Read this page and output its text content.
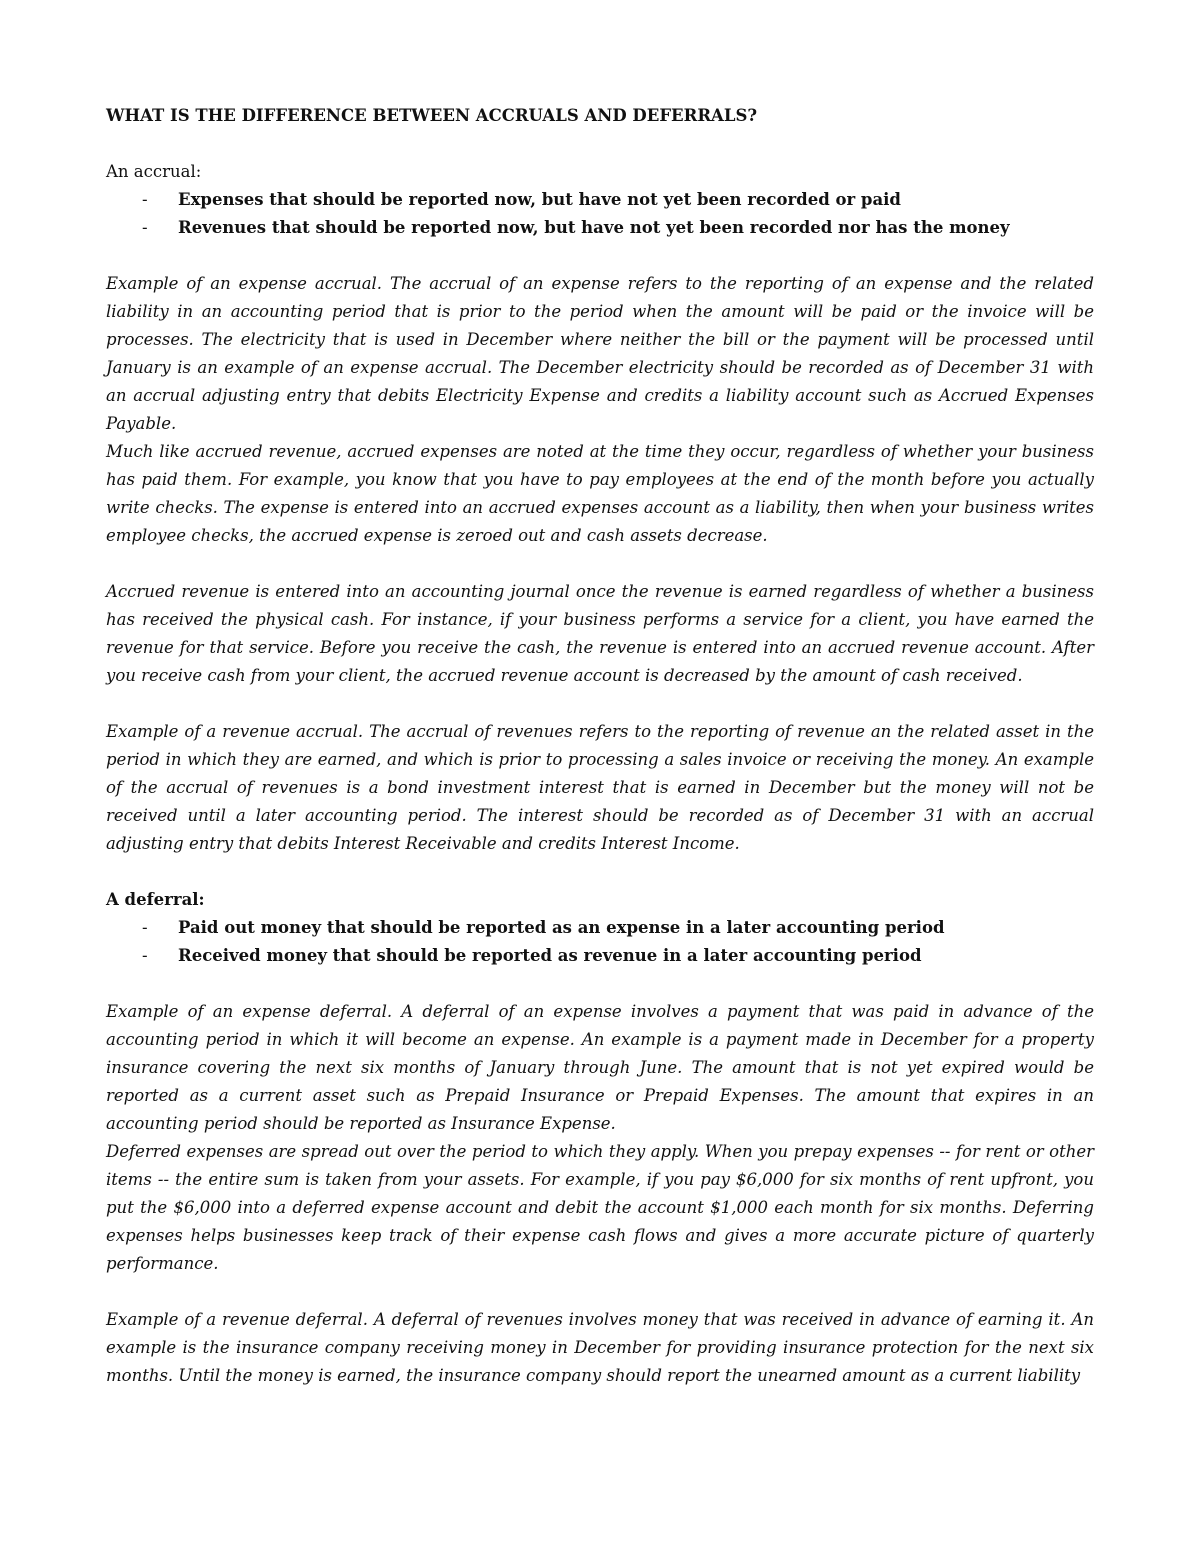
WHAT IS THE DIFFERENCE BETWEEN ACCRUALS AND DEFERRALS?

An accrual:

- Expenses that should be reported now, but have not yet been recorded or paid
- Revenues that should be reported now, but have not yet been recorded nor has the money

Example of an expense accrual. The accrual of an expense refers to the reporting of an expense and the related liability in an accounting period that is prior to the period when the amount will be paid or the invoice will be processes. The electricity that is used in December where neither the bill or the payment will be processed until January is an example of an expense accrual. The December electricity should be recorded as of December 31 with an accrual adjusting entry that debits Electricity Expense and credits a liability account such as Accrued Expenses Payable.

Much like accrued revenue, accrued expenses are noted at the time they occur, regardless of whether your business has paid them. For example, you know that you have to pay employees at the end of the month before you actually write checks. The expense is entered into an accrued expenses account as a liability, then when your business writes employee checks, the accrued expense is zeroed out and cash assets decrease.

Accrued revenue is entered into an accounting journal once the revenue is earned regardless of whether a business has received the physical cash. For instance, if your business performs a service for a client, you have earned the revenue for that service. Before you receive the cash, the revenue is entered into an accrued revenue account. After you receive cash from your client, the accrued revenue account is decreased by the amount of cash received.

Example of a revenue accrual. The accrual of revenues refers to the reporting of revenue an the related asset in the period in which they are earned, and which is prior to processing a sales invoice or receiving the money. An example of the accrual of revenues is a bond investment interest that is earned in December but the money will not be received until a later accounting period. The interest should be recorded as of December 31 with an accrual adjusting entry that debits Interest Receivable and credits Interest Income.

A deferral:

- Paid out money that should be reported as an expense in a later accounting period
- Received money that should be reported as revenue in a later accounting period

Example of an expense deferral. A deferral of an expense involves a payment that was paid in advance of the accounting period in which it will become an expense. An example is a payment made in December for a property insurance covering the next six months of January through June. The amount that is not yet expired would be reported as a current asset such as Prepaid Insurance or Prepaid Expenses. The amount that expires in an accounting period should be reported as Insurance Expense.

Deferred expenses are spread out over the period to which they apply. When you prepay expenses -- for rent or other items -- the entire sum is taken from your assets. For example, if you pay $6,000 for six months of rent upfront, you put the $6,000 into a deferred expense account and debit the account $1,000 each month for six months. Deferring expenses helps businesses keep track of their expense cash flows and gives a more accurate picture of quarterly performance.

Example of a revenue deferral. A deferral of revenues involves money that was received in advance of earning it. An example is the insurance company receiving money in December for providing insurance protection for the next six months. Until the money is earned, the insurance company should report the unearned amount as a current liability
